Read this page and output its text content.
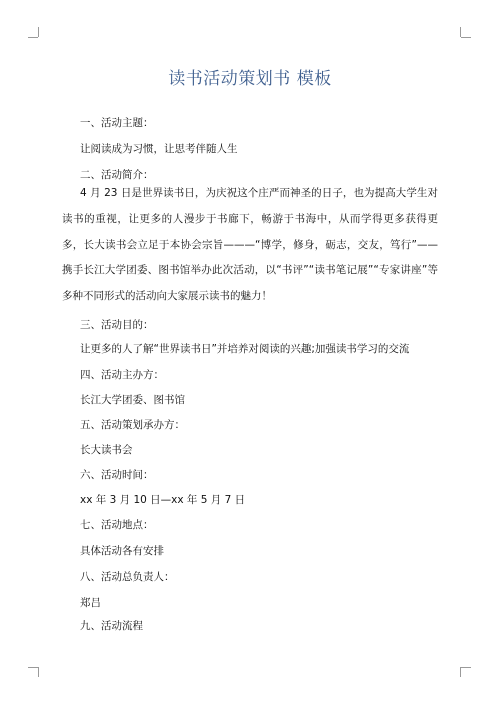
读书活动策划书 模板
一、活动主题：
让阅读成为习惯，让思考伴随人生
二、活动简介：
4 月 23 日是世界读书日，为庆祝这个庄严而神圣的日子，也为提高大学生对读书的重视，让更多的人漫步于书廊下，畅游于书海中，从而学得更多获得更多，长大读书会立足于本协会宗旨———“博学，修身，砺志，交友，笃行”——携手长江大学团委、图书馆举办此次活动，以“书评”“读书笔记展”“专家讲座”等多种不同形式的活动向大家展示读书的魅力！
三、活动目的：
让更多的人了解“世界读书日”并培养对阅读的兴趣;加强读书学习的交流
四、活动主办方：
长江大学团委、图书馆
五、活动策划承办方：
长大读书会
六、活动时间：
xx 年 3 月 10 日—xx 年 5 月 7 日
七、活动地点：
具体活动各有安排
八、活动总负责人：
郑吕
九、活动流程
